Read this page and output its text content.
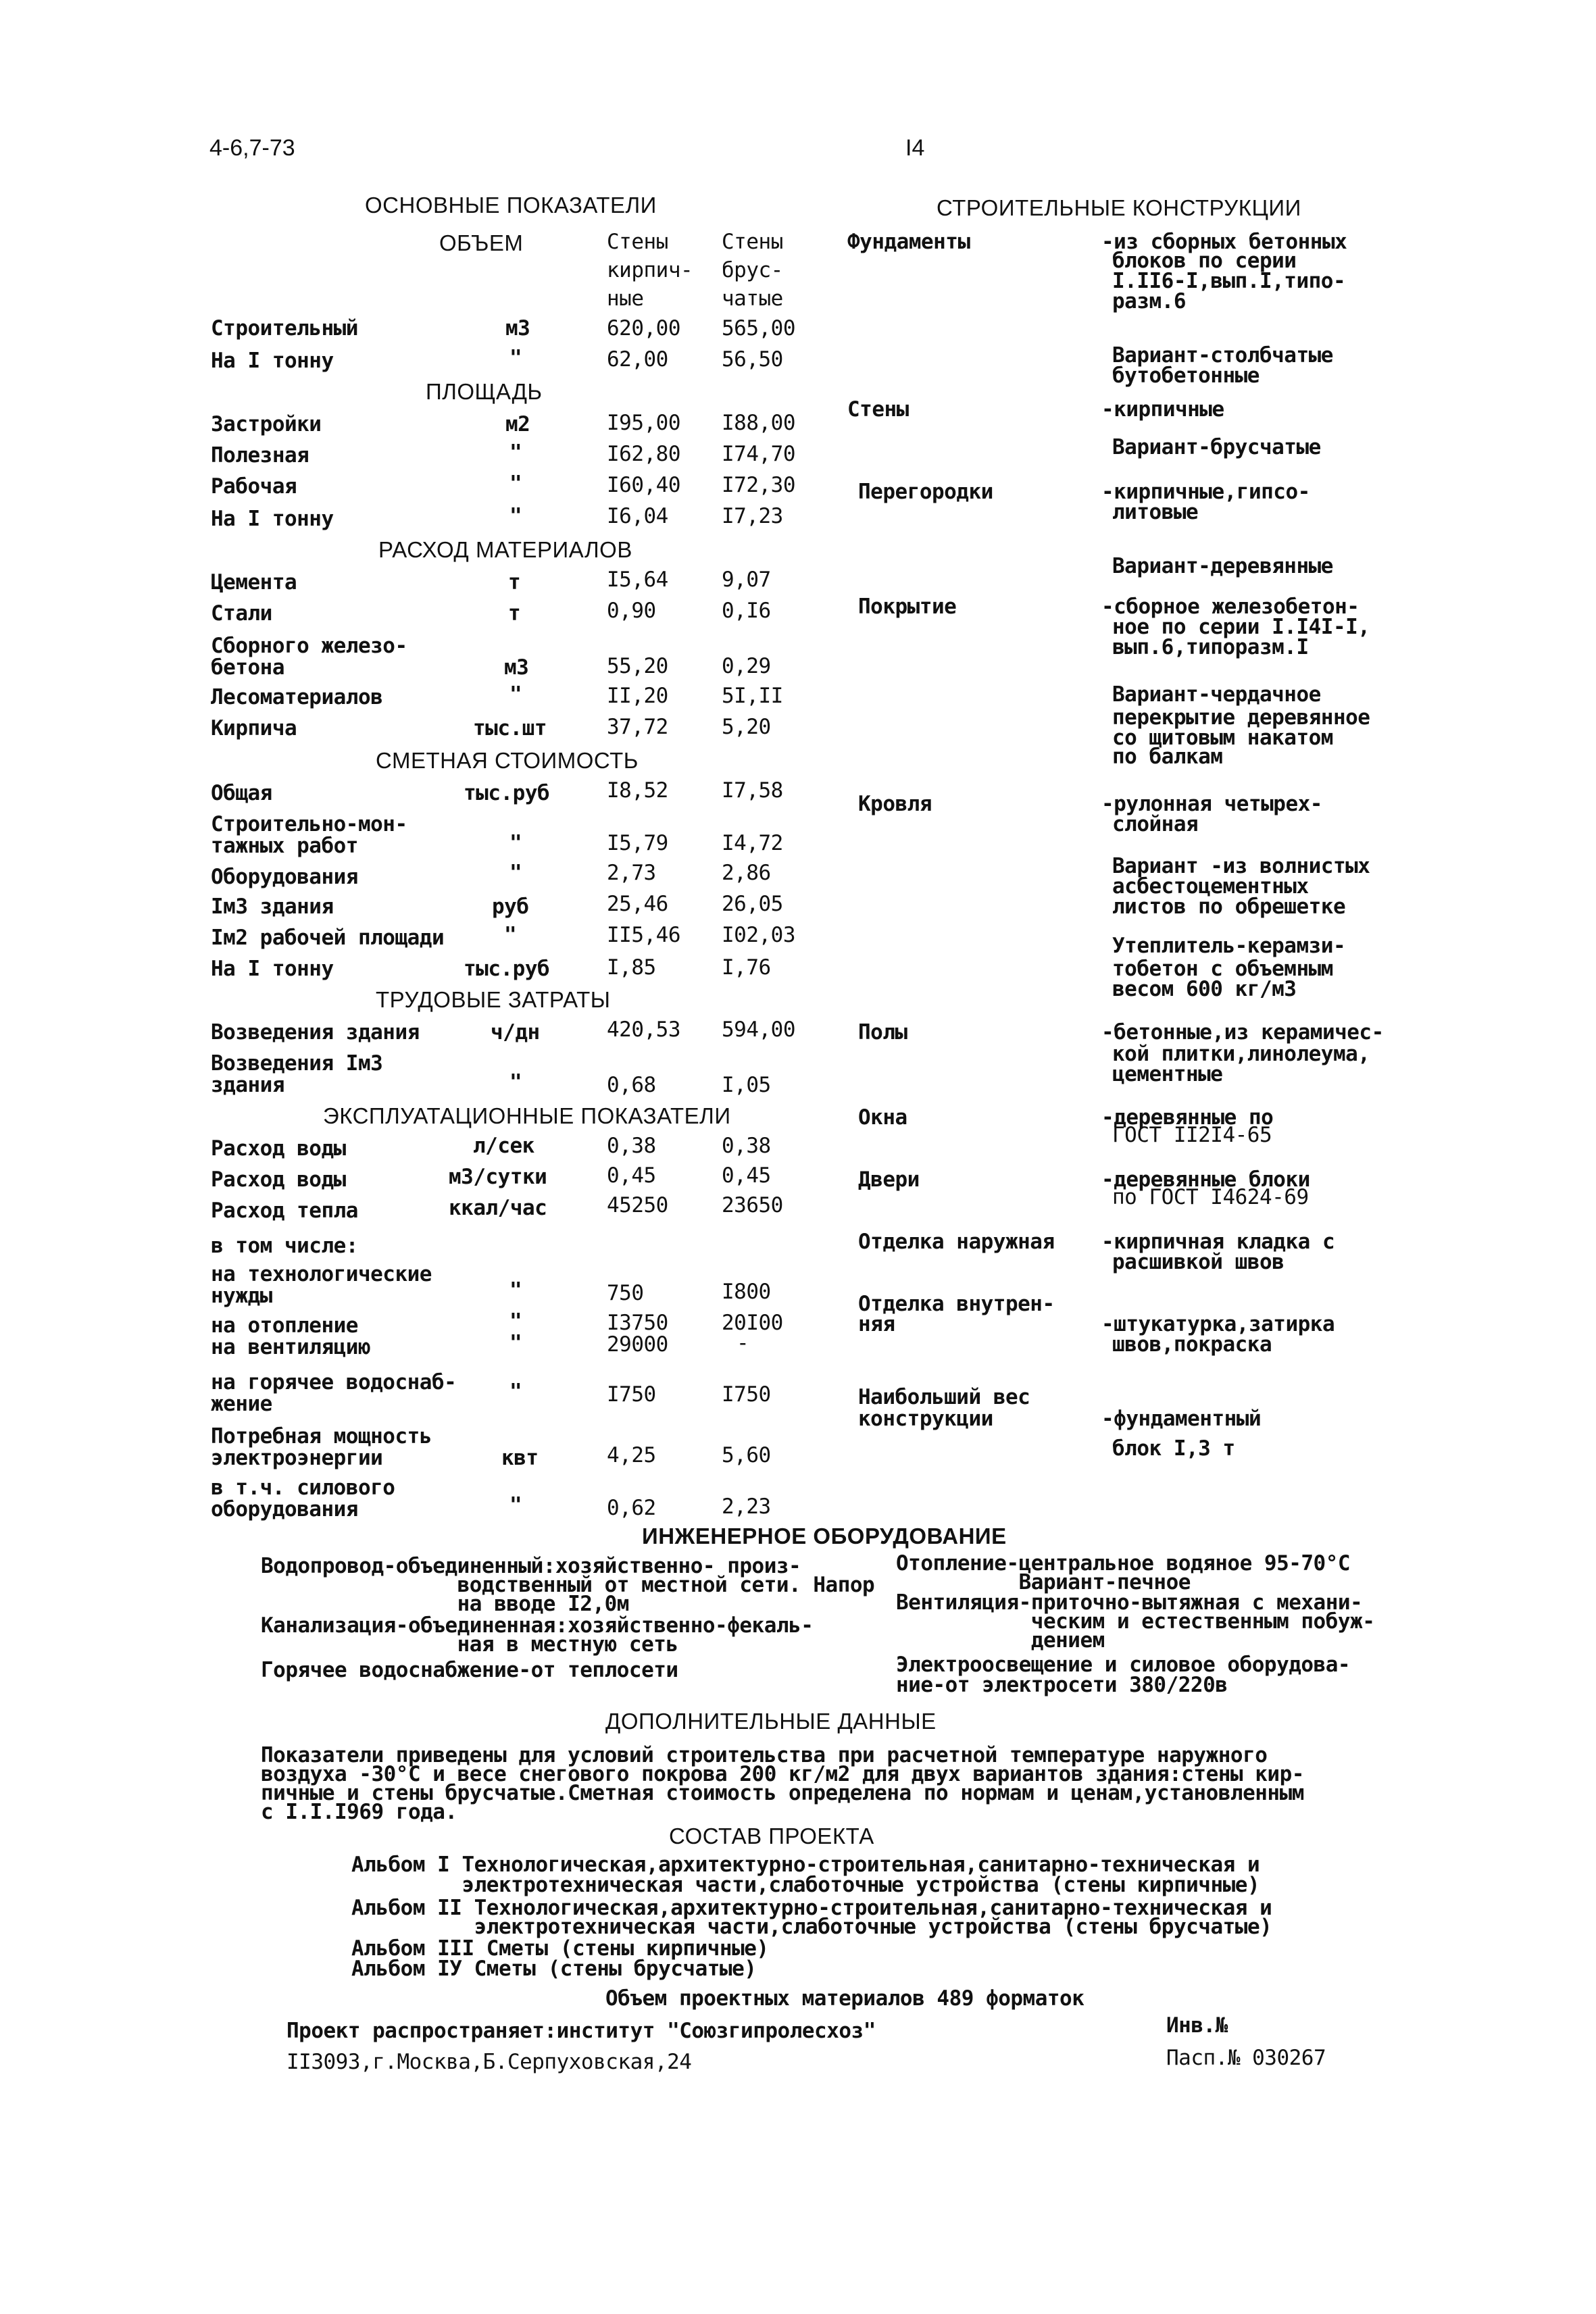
4-6,7-73	I4
ОСНОВНЫЕ ПОКАЗАТЕЛИ
ОБЪЕМ	Стены
кирпич-
ные
Стены
брус-
чатые
Строительный	м3	620,00 565,00
На I тонну	"	62,00	56,50
ПЛОЩАДЬ
Застройки	м2	I95,00 I88,00
Полезная	"	I62,80 I74,70
Рабочая	"	I60,40 I72,30
На I тонну	"	I6,04	I7,23
РАСХОД МАТЕРИАЛОВ
Цемента	т	I5,64	9,07
Стали	т	0,90	0,I6
Сборного железо-
бетона	м3	55,20	0,29
Лесоматериалов	"	II,20	5I,II
Кирпича	тыс.шт	37,72	5,20
СМЕТНАЯ СТОИМОСТЬ
Общая	тыс.руб	I8,52	I7,58
Строительно-мон-
тажных работ	"	I5,79	I4,72
Оборудования	"	2,73	2,86
Iм3 здания	руб	25,46	26,05
Iм2 рабочей площади	"	II5,46 I02,03
На I тонну	тыс.руб	I,85	I,76
ТРУДОВЫЕ ЗАТРАТЫ
Возведения здания	ч/дн	420,53 594,00
Возведения Iм3
здания	"	0,68	I,05
ЭКСПЛУАТАЦИОННЫЕ ПОКАЗАТЕЛИ
Расход воды	л/сек	0,38	0,38
Расход воды	м3/сутки	0,45	0,45
Расход тепла	ккал/час	45250	23650
в том числе:
на технологические
нужды	"	750	I800
на отопление	"	I3750	20I00
на вентиляцию	"	29000	-
на горячее водоснаб-
жение	"	I750	I750
Потребная мощность
электроэнергии	квт	4,25	5,60
в т.ч. силового
оборудования	"	0,62	2,23
СТРОИТЕЛЬНЫЕ КОНСТРУКЦИИ
Фундаменты	-из сборных бетонных
блоков по серии
I.II6-I,вып.I,типо-
разм.6
Вариант-столбчатые
бутобетонные
Стены	-кирпичные
Вариант-брусчатые
Перегородки	-кирпичные,гипсо-
литовые
Вариант-деревянные
Покрытие	-сборное железобетон-
ное по серии I.I4I-I,
вып.6,типоразм.I
Вариант-чердачное
перекрытие деревянное
со щитовым накатом
по балкам
Кровля	-рулонная четырех-
слойная
Вариант -из волнистых
асбестоцементных
листов по обрешетке
Утеплитель-керамзи-
тобетон с объемным
весом 600 кг/м3
Полы	-бетонные,из керамичес-
кой плитки,линолеума,
цементные
Окна	-деревянные по
ГОСТ II2I4-65
Двери	-деревянные блоки
по ГОСТ I4624-69
Отделка наружная -кирпичная кладка с
расшивкой швов
Отделка внутрен-
няя	-штукатурка,затирка
швов,покраска
Наибольший вес
конструкции	-фундаментный
блок I,3 т
ИНЖЕНЕРНОЕ ОБОРУДОВАНИЕ
Водопровод-объединенный:хозяйственно- произ-
водственный от местной сети. Напор
на вводе I2,0м
Канализация-объединенная:хозяйственно-фекаль-
ная в местную сеть
Горячее водоснабжение-от теплосети
Отопление-центральное водяное 95-70°С
Вариант-печное
Вентиляция-приточно-вытяжная с механи-
ческим и естественным побуж-
дением
Электроосвещение и силовое оборудова-
ние-от электросети 380/220в
ДОПОЛНИТЕЛЬНЫЕ ДАННЫЕ
Показатели приведены для условий строительства при расчетной температуре наружного
воздуха -30°С и весе снегового покрова 200 кг/м2 для двух вариантов здания:стены кир-
пичные и стены брусчатые.Сметная стоимость определена по нормам и ценам,установленным
с I.I.I969 года.
СОСТАВ ПРОЕКТА
Альбом I Технологическая,архитектурно-строительная,санитарно-техническая и
электротехническая части,слаботочные устройства (стены кирпичные)
Альбом II Технологическая,архитектурно-строительная,санитарно-техническая и
электротехническая части,слаботочные устройства (стены брусчатые)
Альбом III Сметы (стены кирпичные)
Альбом IУ Сметы (стены брусчатые)
Объем проектных материалов 489 форматок
Проект распространяет:институт "Союзгипролесхоз"
II3093,г.Москва,Б.Серпуховская,24
Инв.№
Пасп.№ 030267
